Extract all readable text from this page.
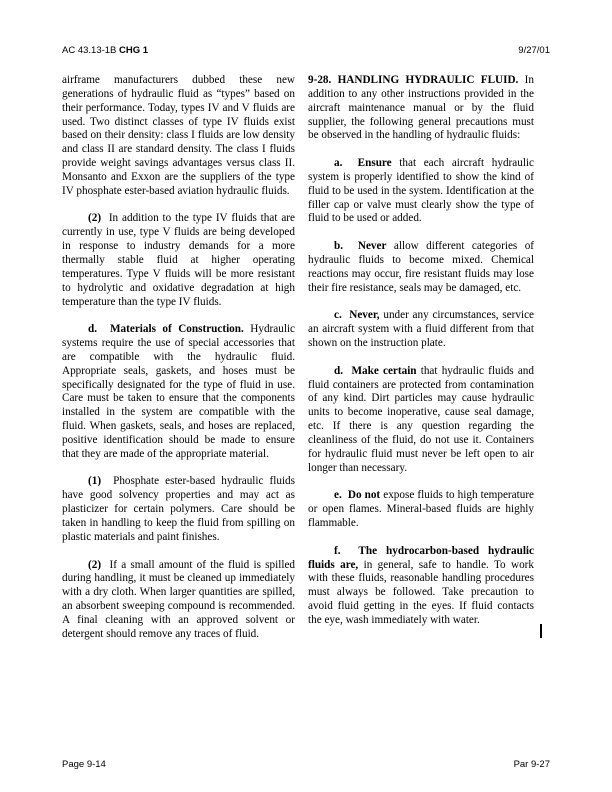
AC 43.13-1B CHG 1	9/27/01

airframe manufacturers dubbed these new generations of hydraulic fluid as “types” based on their performance. Today, types IV and V fluids are used. Two distinct classes of type IV fluids exist based on their density: class I fluids are low density and class II are standard density. The class I fluids provide weight savings advantages versus class II. Monsanto and Exxon are the suppliers of the type IV phosphate ester-based aviation hydraulic fluids.

(2) In addition to the type IV fluids that are currently in use, type V fluids are being developed in response to industry demands for a more thermally stable fluid at higher operating temperatures. Type V fluids will be more resistant to hydrolytic and oxidative degradation at high temperature than the type IV fluids.

d. Materials of Construction. Hydraulic systems require the use of special accessories that are compatible with the hydraulic fluid. Appropriate seals, gaskets, and hoses must be specifically designated for the type of fluid in use. Care must be taken to ensure that the components installed in the system are compatible with the fluid. When gaskets, seals, and hoses are replaced, positive identification should be made to ensure that they are made of the appropriate material.

(1) Phosphate ester-based hydraulic fluids have good solvency properties and may act as plasticizer for certain polymers. Care should be taken in handling to keep the fluid from spilling on plastic materials and paint finishes.

(2) If a small amount of the fluid is spilled during handling, it must be cleaned up immediately with a dry cloth. When larger quantities are spilled, an absorbent sweeping compound is recommended. A final cleaning with an approved solvent or detergent should remove any traces of fluid.

9-28. HANDLING HYDRAULIC FLUID. In addition to any other instructions provided in the aircraft maintenance manual or by the fluid supplier, the following general precautions must be observed in the handling of hydraulic fluids:

a. Ensure that each aircraft hydraulic system is properly identified to show the kind of fluid to be used in the system. Identification at the filler cap or valve must clearly show the type of fluid to be used or added.

b. Never allow different categories of hydraulic fluids to become mixed. Chemical reactions may occur, fire resistant fluids may lose their fire resistance, seals may be damaged, etc.

c. Never, under any circumstances, service an aircraft system with a fluid different from that shown on the instruction plate.

d. Make certain that hydraulic fluids and fluid containers are protected from contamination of any kind. Dirt particles may cause hydraulic units to become inoperative, cause seal damage, etc. If there is any question regarding the cleanliness of the fluid, do not use it. Containers for hydraulic fluid must never be left open to air longer than necessary.

e. Do not expose fluids to high temperature or open flames. Mineral-based fluids are highly flammable.

f. The hydrocarbon-based hydraulic fluids are, in general, safe to handle. To work with these fluids, reasonable handling procedures must always be followed. Take precaution to avoid fluid getting in the eyes. If fluid contacts the eye, wash immediately with water.

Page 9-14	Par 9-27
